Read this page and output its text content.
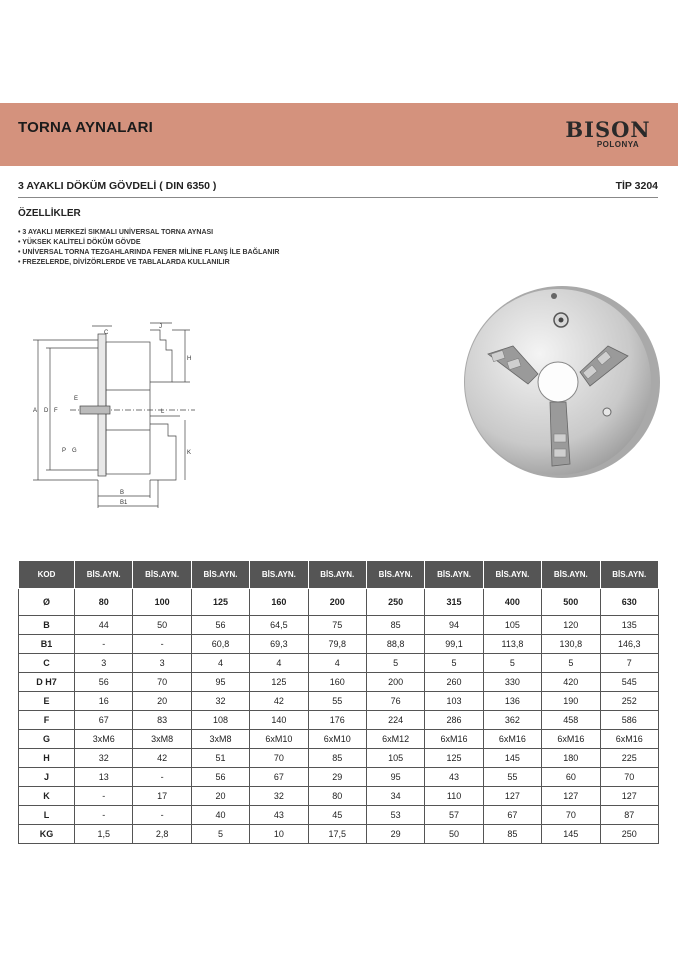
TORNA AYNALARI	BISON
POLONYA
3 AYAKLI DÖKÜM GÖVDELİ ( DIN 6350 )	TİP 3204
ÖZELLİKLER
• 3 AYAKLI MERKEZİ SIKMALI UNİVERSAL TORNA AYNASI
• YÜKSEK KALİTELİ DÖKÜM GÖVDE
• UNİVERSAL TORNA TEZGAHLARINDA FENER MİLİNE FLANŞ İLE BAĞLANIR
• FREZELERDE, DİVİZÖRLERDE VE TABLALARDA KULLANILIR
A D F
E
P G
J
C
H
L
K
B
B1
KOD	BİS.AYN.	BİS.AYN.	BİS.AYN.	BİS.AYN.	BİS.AYN.	BİS.AYN.	BİS.AYN.	BİS.AYN.	BİS.AYN.	BİS.AYN.
Ø	80	100	125	160	200	250	315	400	500	630
B	44	50	56	64,5	75	85	94	105	120	135
B1	-	-	60,8	69,3	79,8	88,8	99,1	113,8	130,8	146,3
C	3	3	4	4	4	5	5	5	5	7
D H7	56	70	95	125	160	200	260	330	420	545
E	16	20	32	42	55	76	103	136	190	252
F	67	83	108	140	176	224	286	362	458	586
G	3xM6	3xM8	3xM8	6xM10	6xM10	6xM12	6xM16	6xM16	6xM16	6xM16
H	32	42	51	70	85	105	125	145	180	225
J	13	-	56	67	29	95	43	55	60	70
K	-	17	20	32	80	34	110	127	127	127
L	-	-	40	43	45	53	57	67	70	87
KG	1,5	2,8	5	10	17,5	29	50	85	145	250
